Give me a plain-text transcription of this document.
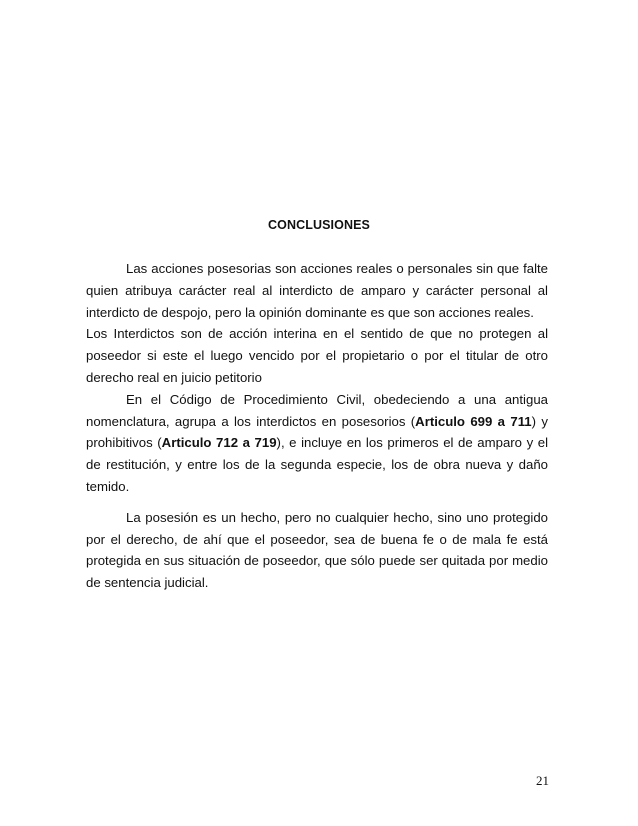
CONCLUSIONES

Las acciones posesorias son acciones reales o personales sin que falte quien atribuya carácter real al interdicto de amparo y carácter personal al interdicto de despojo, pero la opinión dominante es que son acciones reales.

Los Interdictos son de acción interina en el sentido de que no protegen al poseedor si este el luego vencido por el propietario o por el titular de otro derecho real en juicio petitorio

En el Código de Procedimiento Civil, obedeciendo a una antigua nomenclatura, agrupa a los interdictos en posesorios (Articulo 699 a 711) y prohibitivos (Articulo 712 a 719), e incluye en los primeros el de amparo y el de restitución, y entre los de la segunda especie, los de obra nueva y daño temido.

La posesión es un hecho, pero no cualquier hecho, sino uno protegido por el derecho, de ahí que el poseedor, sea de buena fe o de mala fe está protegida en sus situación de poseedor, que sólo puede ser quitada por medio de sentencia judicial.

21
